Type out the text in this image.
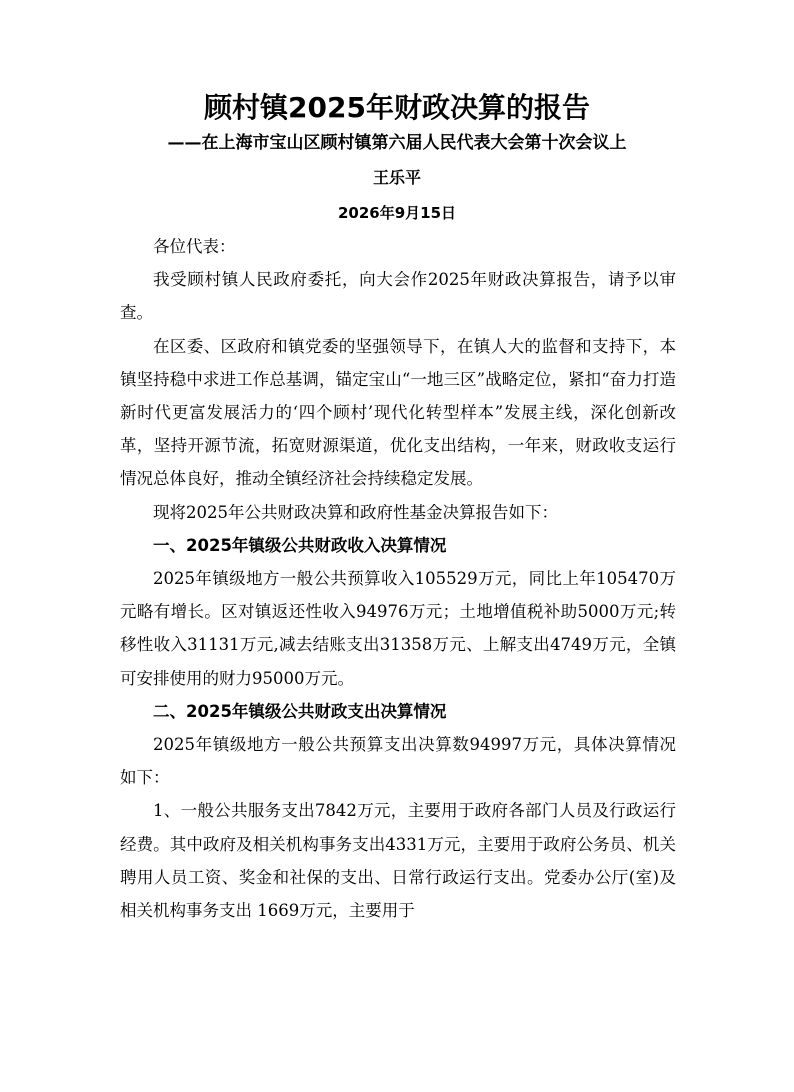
顾村镇2025年财政决算的报告
——在上海市宝山区顾村镇第六届人民代表大会第十次会议上
王乐平
2026年9月15日

各位代表：

我受顾村镇人民政府委托，向大会作2025年财政决算报告，请予以审查。

在区委、区政府和镇党委的坚强领导下，在镇人大的监督和支持下，本镇坚持稳中求进工作总基调，锚定宝山“一地三区”战略定位，紧扣“奋力打造新时代更富发展活力的‘四个顾村’现代化转型样本”发展主线，深化创新改革，坚持开源节流，拓宽财源渠道，优化支出结构，一年来，财政收支运行情况总体良好，推动全镇经济社会持续稳定发展。

现将2025年公共财政决算和政府性基金决算报告如下：

一、2025年镇级公共财政收入决算情况

2025年镇级地方一般公共预算收入105529万元，同比上年105470万元略有增长。区对镇返还性收入94976万元；土地增值税补助5000万元;转移性收入31131万元,减去结账支出31358万元、上解支出4749万元，全镇可安排使用的财力95000万元。

二、2025年镇级公共财政支出决算情况

2025年镇级地方一般公共预算支出决算数94997万元，具体决算情况如下：

1、一般公共服务支出7842万元，主要用于政府各部门人员及行政运行经费。其中政府及相关机构事务支出4331万元，主要用于政府公务员、机关聘用人员工资、奖金和社保的支出、日常行政运行支出。党委办公厅(室)及相关机构事务支出 1669万元，主要用于
